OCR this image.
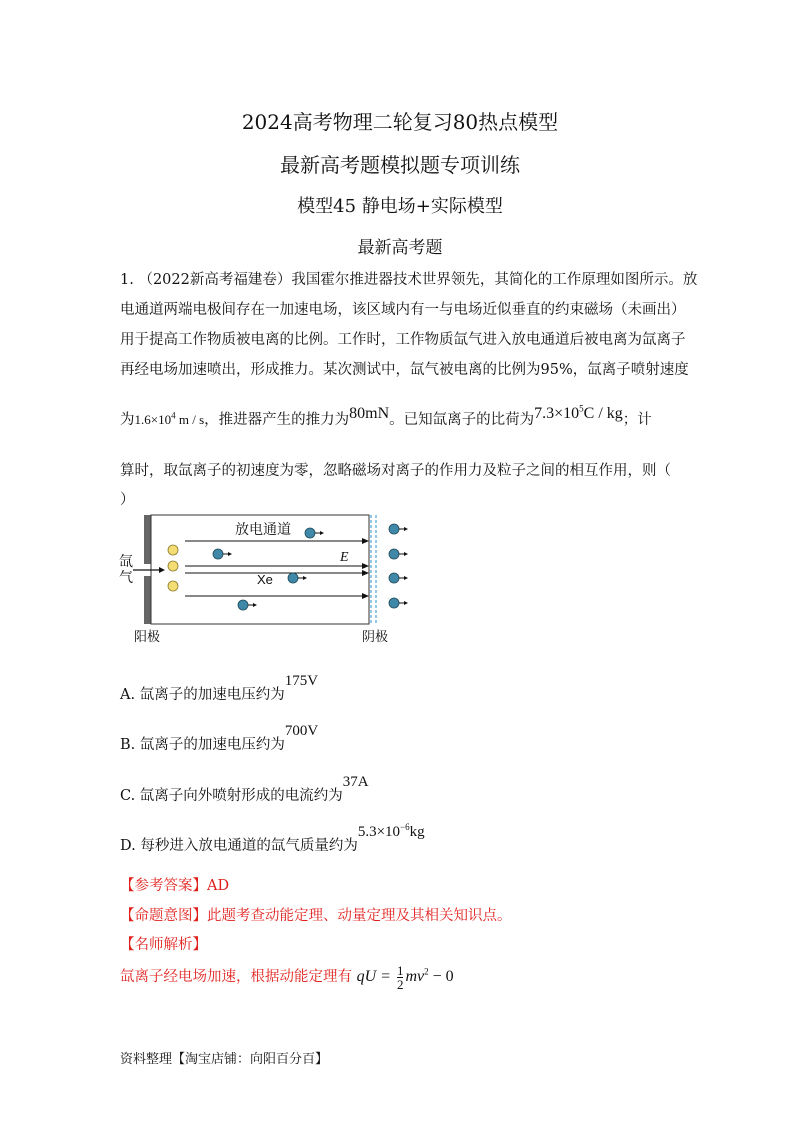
2024高考物理二轮复习80热点模型
最新高考题模拟题专项训练
模型45 静电场+实际模型
最新高考题
1. （2022新高考福建卷）我国霍尔推进器技术世界领先，其简化的工作原理如图所示。放
电通道两端电极间存在一加速电场，该区域内有一与电场近似垂直的约束磁场（未画出）
用于提高工作物质被电离的比例。工作时，工作物质氙气进入放电通道后被电离为氙离子
再经电场加速喷出，形成推力。某次测试中，氙气被电离的比例为95%，氙离子喷射速度
为$1.6\times 10^4$ m / s，推进器产生的推力为80mN。已知氙离子的比荷为$7.3\times 10^5C$ / kg；计
算时，取氙离子的初速度为零，忽略磁场对离子的作用力及粒子之间的相互作用，则（
）
放电通道
E
Xe
氙
气
阳极	阴极
A. 氙离子的加速电压约为175V
B. 氙离子的加速电压约为700V
C. 氙离子向外喷射形成的电流约为37A
D. 每秒进入放电通道的氙气质量约为$5.3\times 10^{-6}kg$
【参考答案】AD
【命题意图】此题考查动能定理、动量定理及其相关知识点。
【名师解析】
氙离子经电场加速，根据动能定理有 qU = $\frac{1}{2} mv^2 - 0$
资料整理【淘宝店铺：向阳百分百】
